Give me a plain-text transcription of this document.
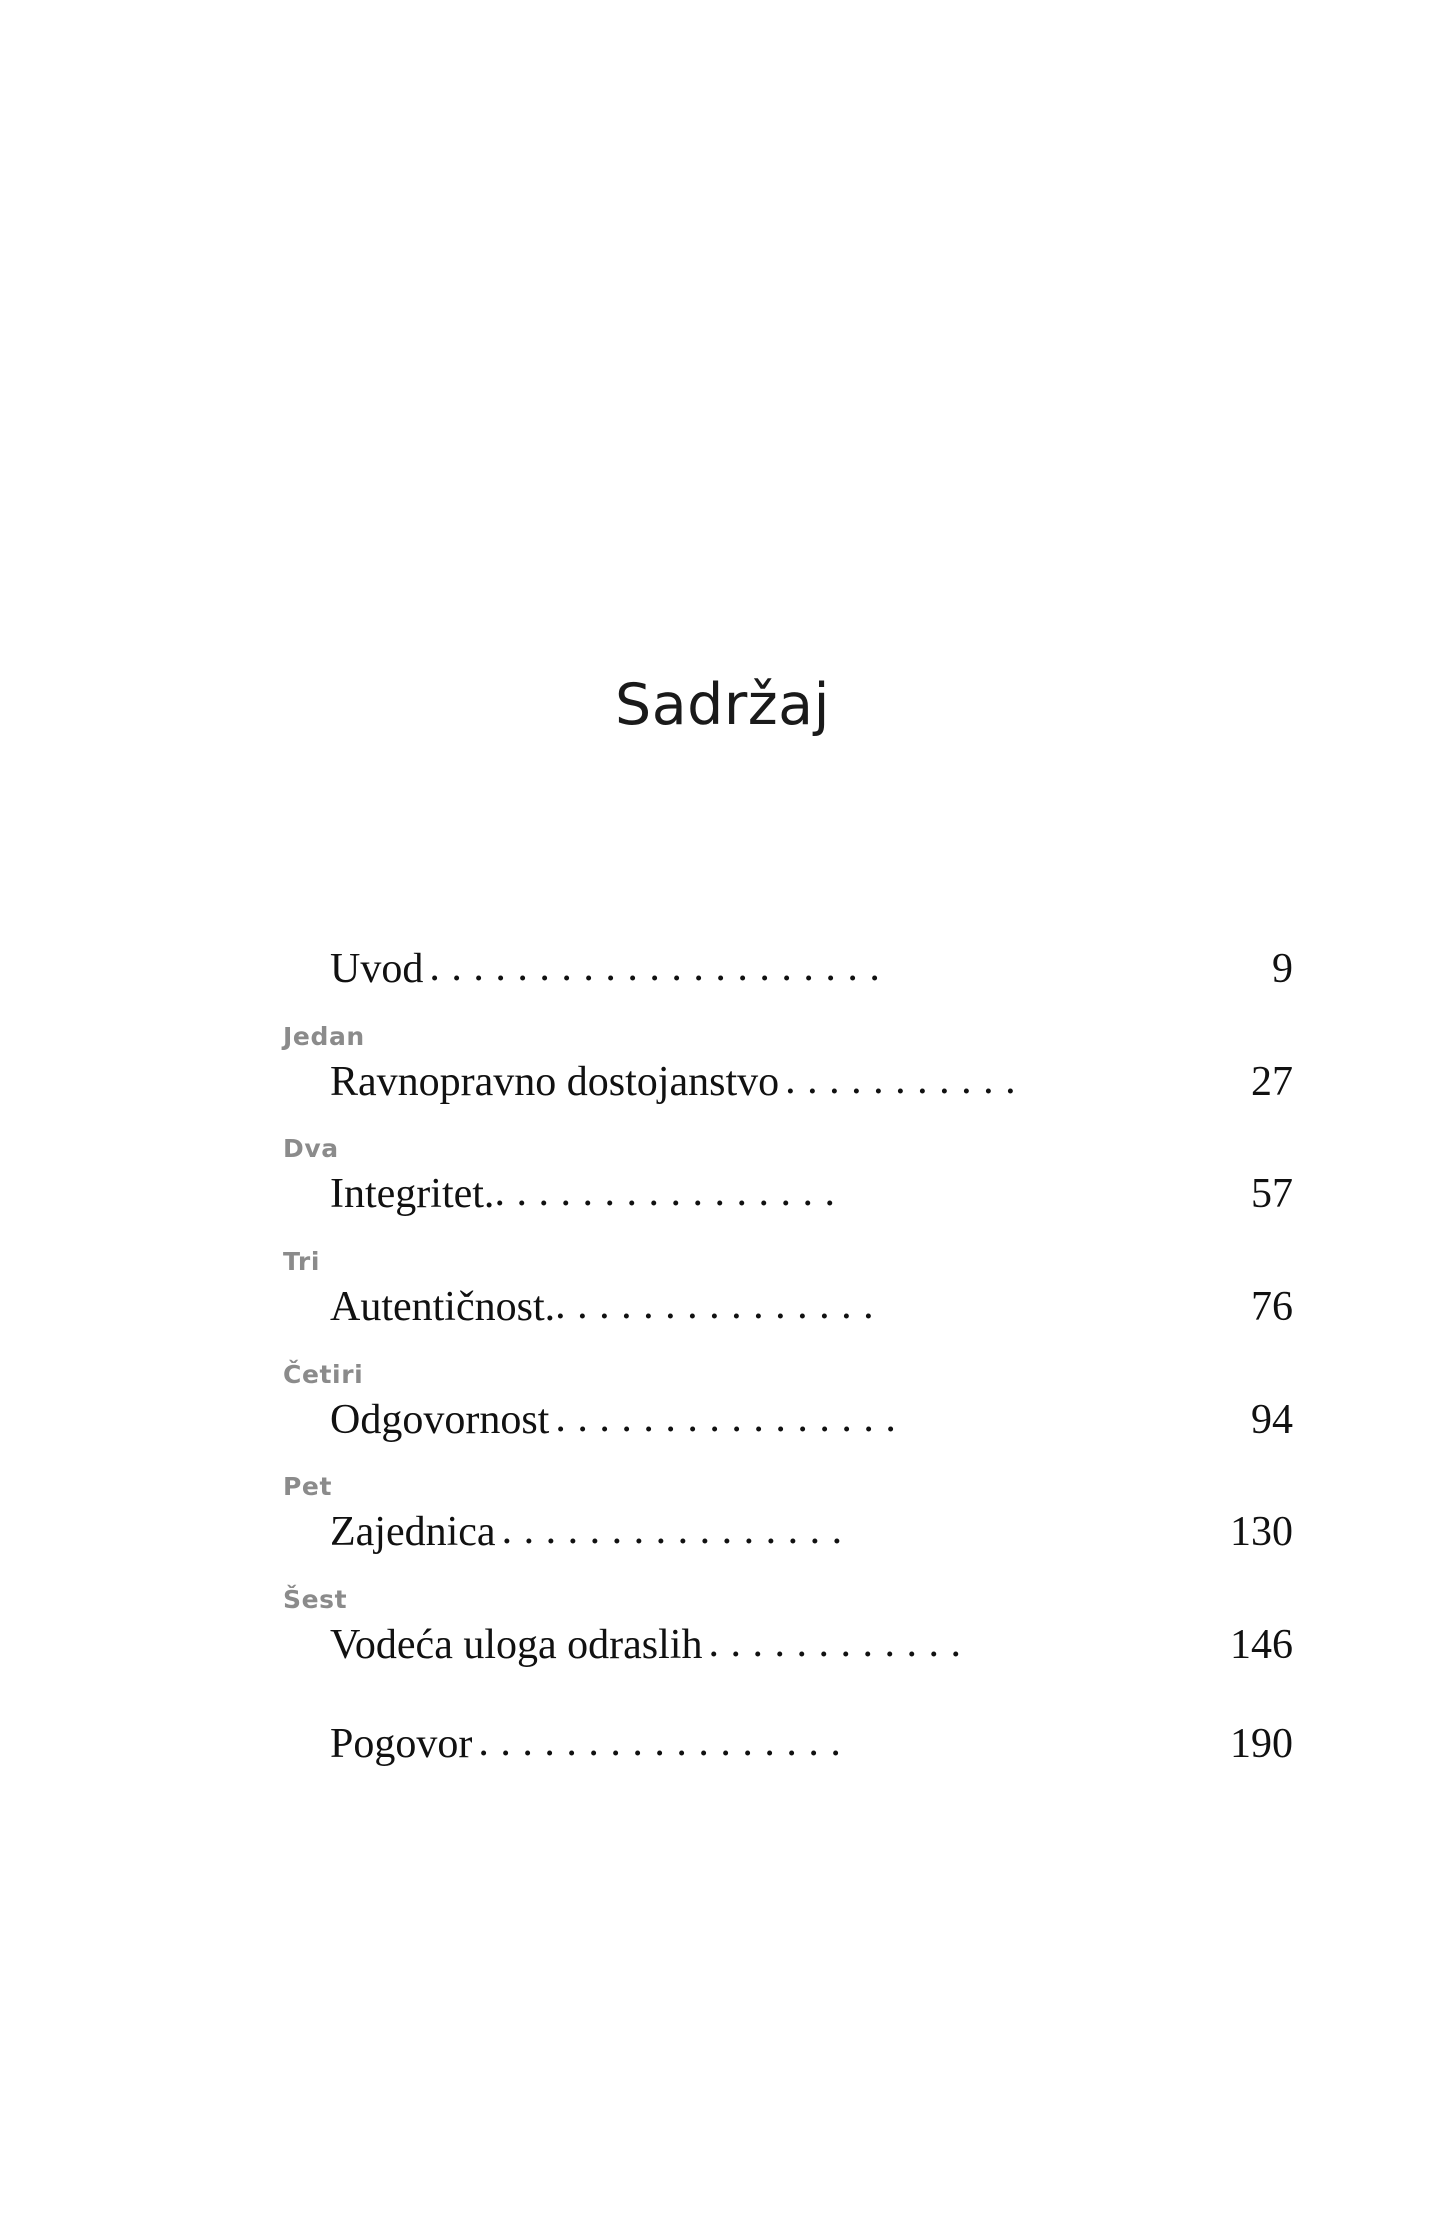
Sadržaj
Uvod . . . . . . . . . . . . . . . . . . . . .	9
Jedan
Ravnopravno dostojanstvo . . . . . . . . . . .	27
Dva
Integritet. . . . . . . . . . . . . . . . .	57
Tri
Autentičnost. . . . . . . . . . . . . . . .	76
Četiri
Odgovornost . . . . . . . . . . . . . . . .	94
Pet
Zajednica . . . . . . . . . . . . . . . .	130
Šest
Vodeća uloga odraslih . . . . . . . . . . . .	146
Pogovor . . . . . . . . . . . . . . . . .	190
